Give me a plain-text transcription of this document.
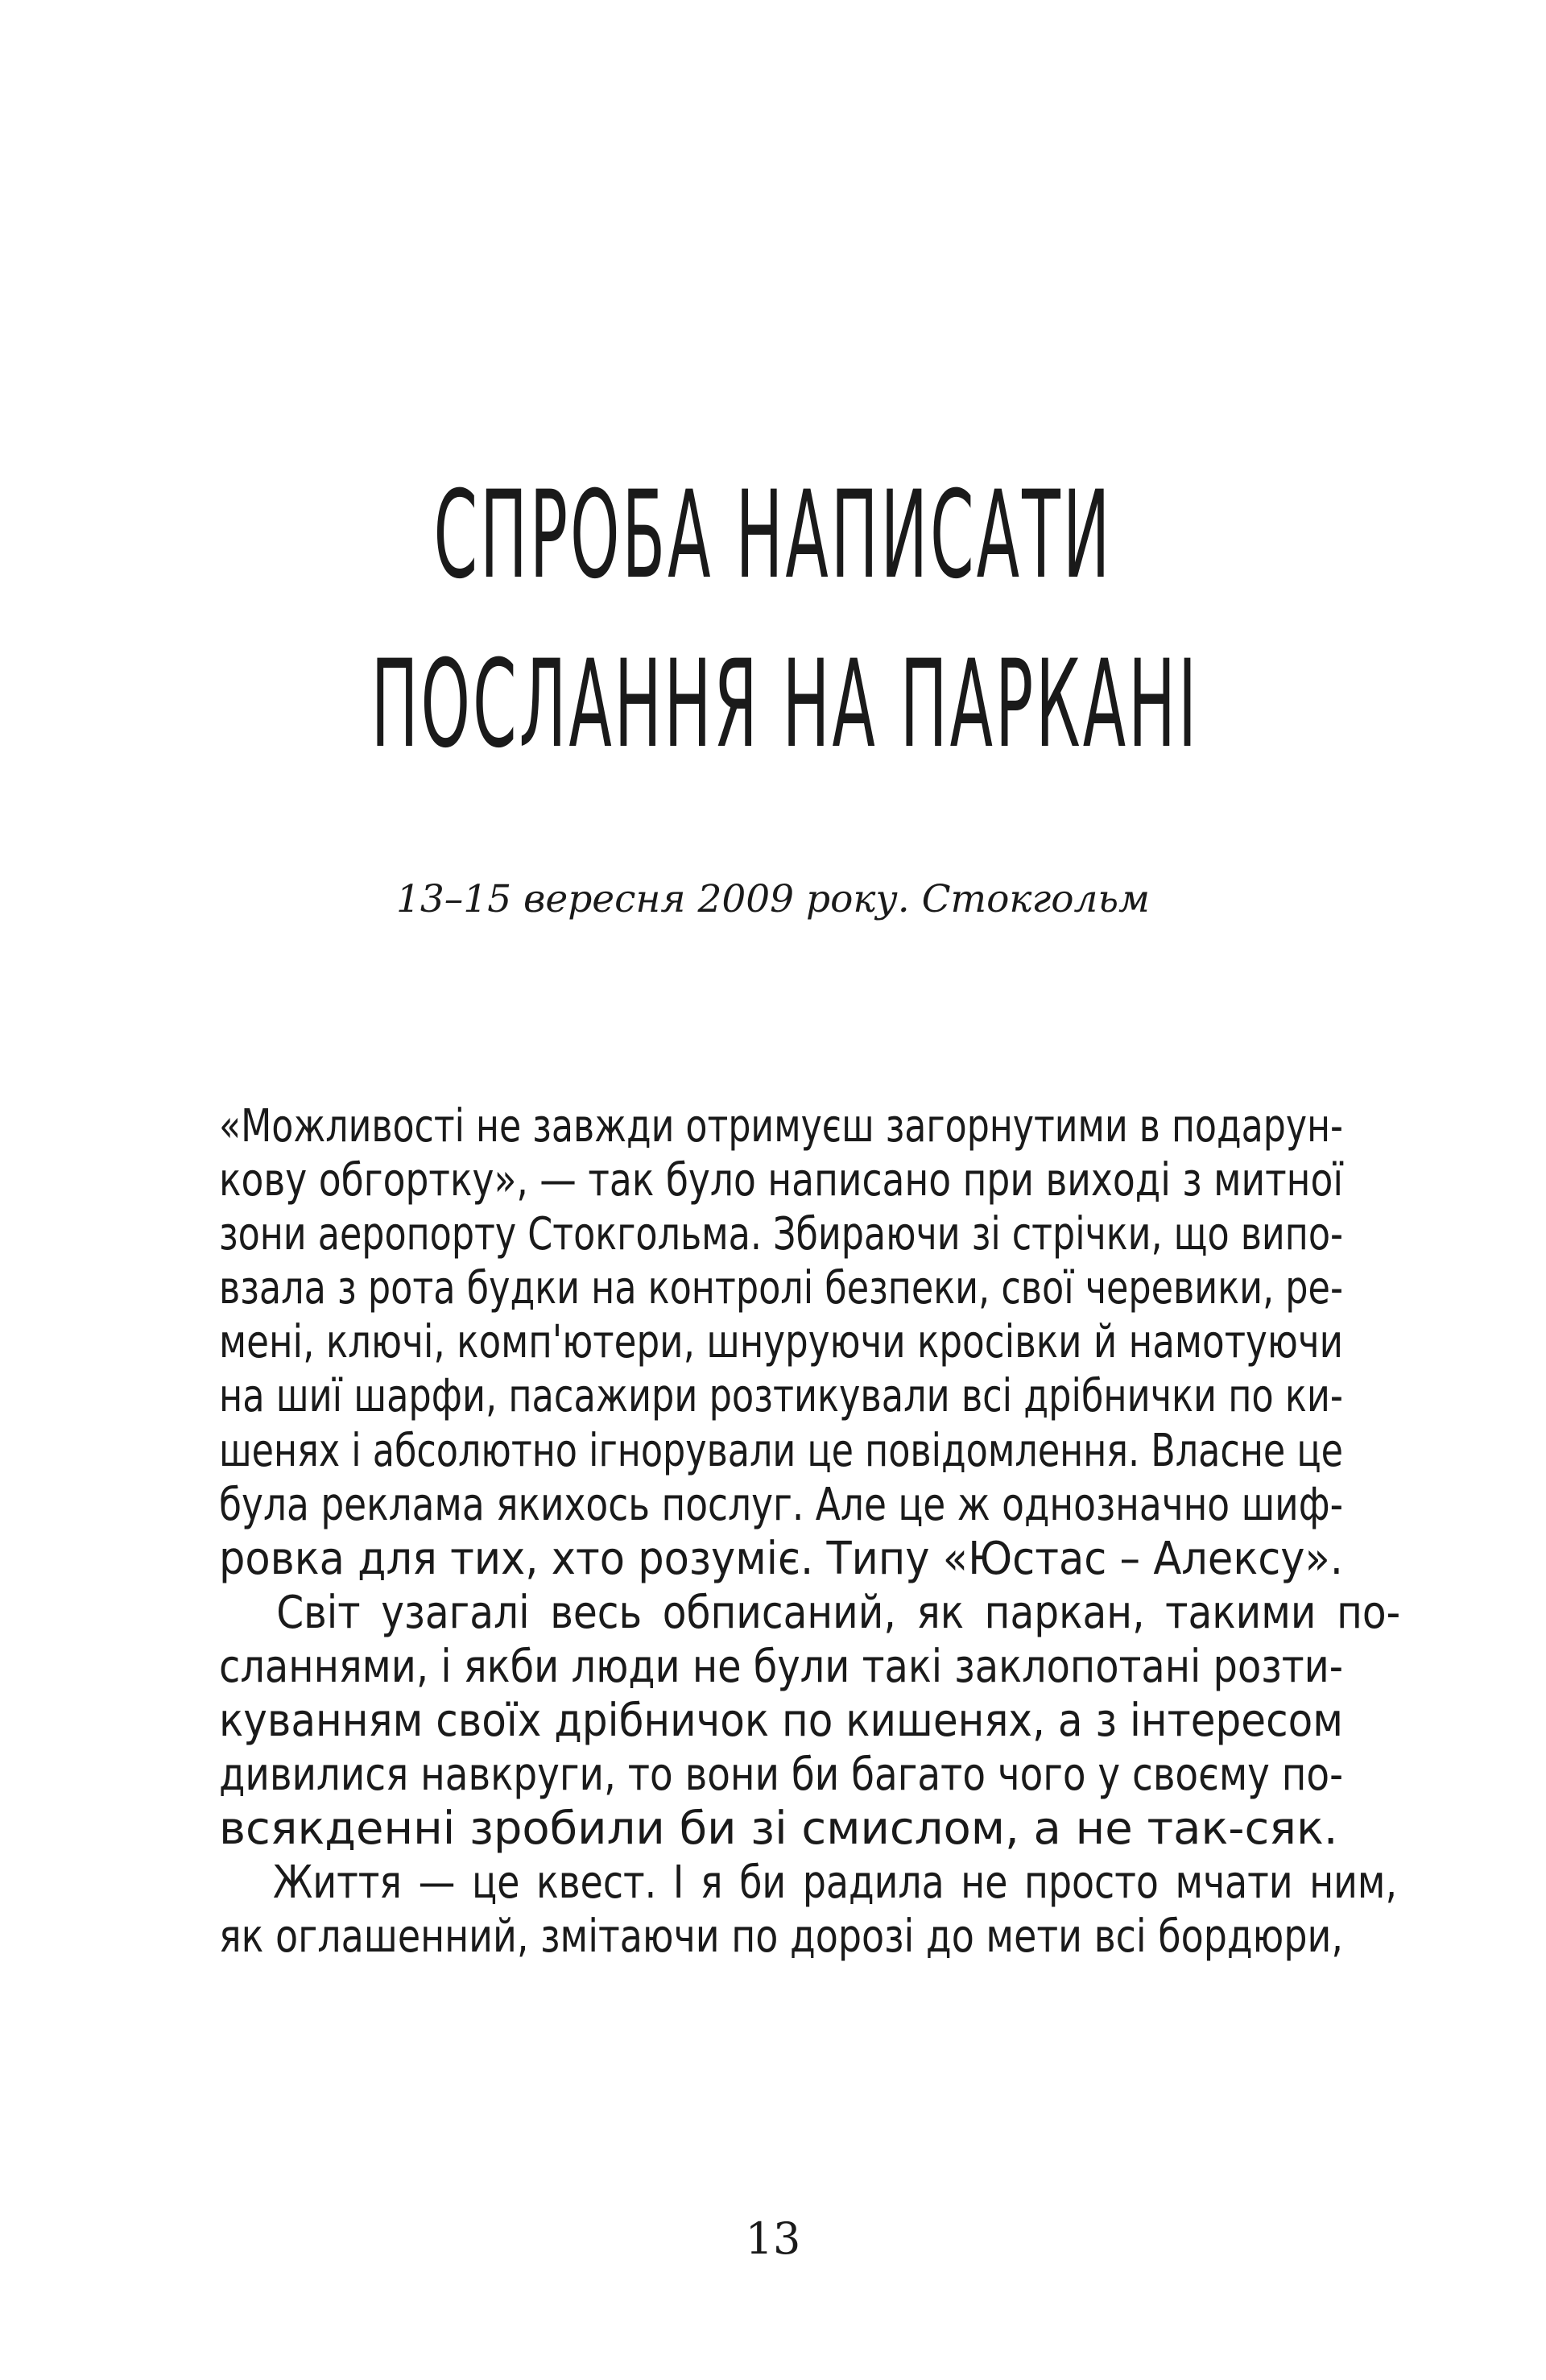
СПРОБА НАПИСАТИ
ПОСЛАННЯ НА ПАРКАНІ

13–15 вересня 2009 року. Стокгольм

«Можливості не завжди отримуєш загорнутими в подарун-
кову обгортку», — так було написано при виході з митної
зони аеропорту Стокгольма. Збираючи зі стрічки, що випо-
взала з рота будки на контролі безпеки, свої черевики, ре-
мені, ключі, комп'ютери, шнуруючи кросівки й намотуючи
на шиї шарфи, пасажири розтикували всі дрібнички по ки-
шенях і абсолютно ігнорували це повідомлення. Власне це
була реклама якихось послуг. Але це ж однозначно шиф-
ровка для тих, хто розуміє. Типу «Юстас – Алексу».
Світ узагалі весь обписаний, як паркан, такими по-
сланнями, і якби люди не були такі заклопотані розти-
куванням своїх дрібничок по кишенях, а з інтересом
дивилися навкруги, то вони би багато чого у своєму по-
всякденні зробили би зі смислом, а не так-сяк.
Життя — це квест. І я би радила не просто мчати ним,
як оглашенний, змітаючи по дорозі до мети всі бордюри,

13
